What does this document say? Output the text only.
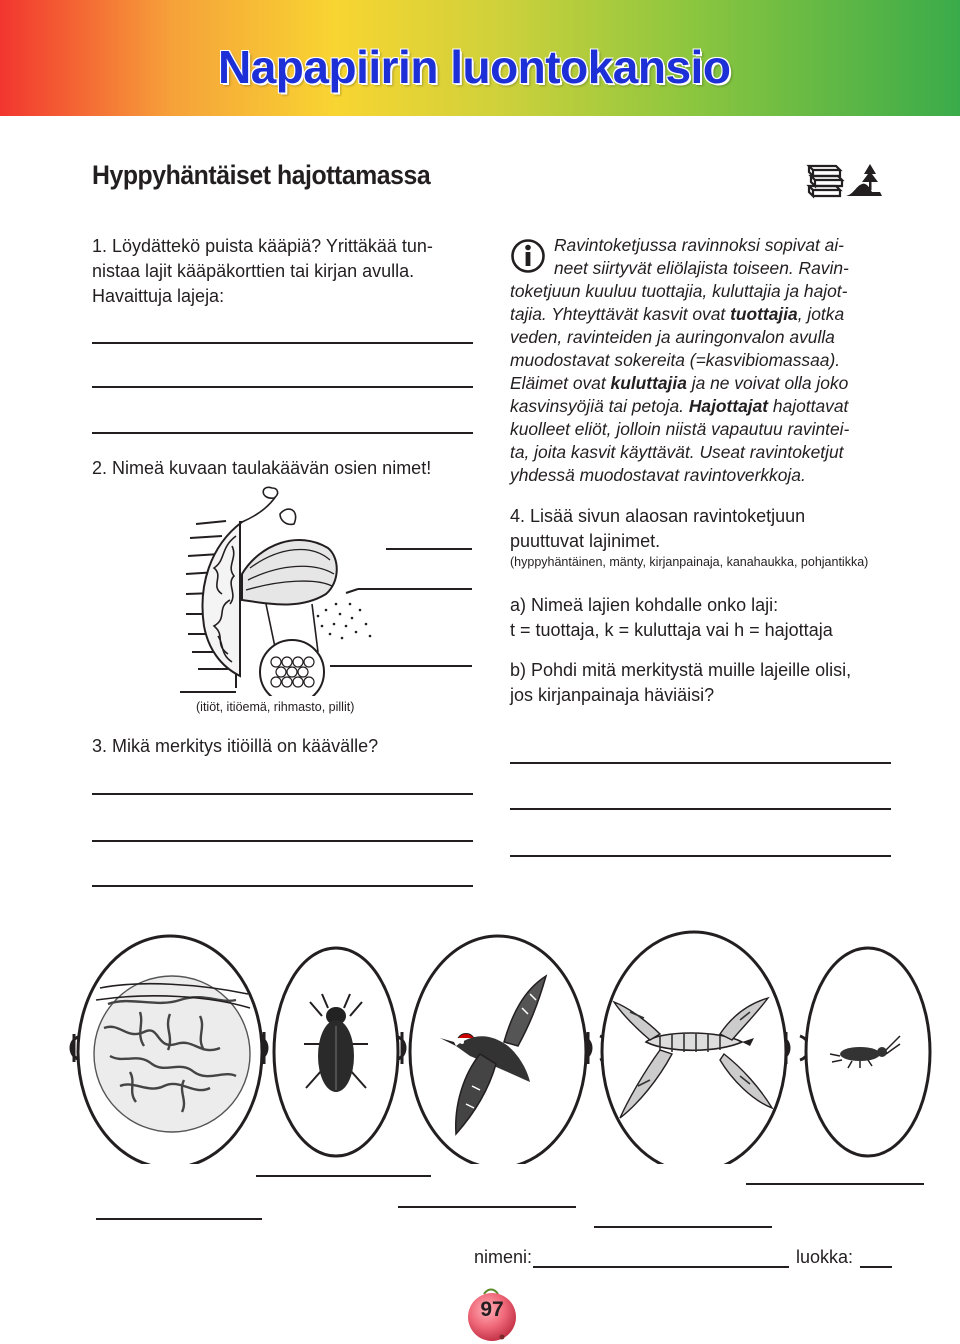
Napapiirin luontokansio
Hyppyhäntäiset hajottamassa
1. Löydättekö puista kääpiä? Yrittäkää tun-
nistaa lajit kääpäkorttien tai kirjan avulla.
Havaittuja lajeja:
2. Nimeä kuvaan taulakäävän osien nimet!
(itiöt, itiöemä, rihmasto, pillit)
3. Mikä merkitys itiöillä on käävälle?
Ravintoketjussa ravinnoksi sopivat ai-
neet siirtyvät eliölajista toiseen. Ravin-
toketjuun kuuluu tuottajia, kuluttajia ja hajot-
tajia. Yhteyttävät kasvit ovat tuottajia, jotka
veden, ravinteiden ja auringonvalon avulla
muodostavat sokereita (=kasvibiomassaa).
Eläimet ovat kuluttajia ja ne voivat olla joko
kasvinsyöjiä tai petoja. Hajottajat hajottavat
kuolleet eliöt, jolloin niistä vapautuu ravintei-
ta, joita kasvit käyttävät. Useat ravintoketjut
yhdessä muodostavat ravintoverkkoja.
4. Lisää sivun alaosan ravintoketjuun
puuttuvat lajinimet.
(hyppyhäntäinen, mänty, kirjanpainaja, kanahaukka, pohjantikka)
a) Nimeä lajien kohdalle onko laji:
t = tuottaja, k = kuluttaja vai h = hajottaja
b) Pohdi mitä merkitystä muille lajeille olisi,
jos kirjanpainaja häviäisi?
nimeni:	luokka:
97
